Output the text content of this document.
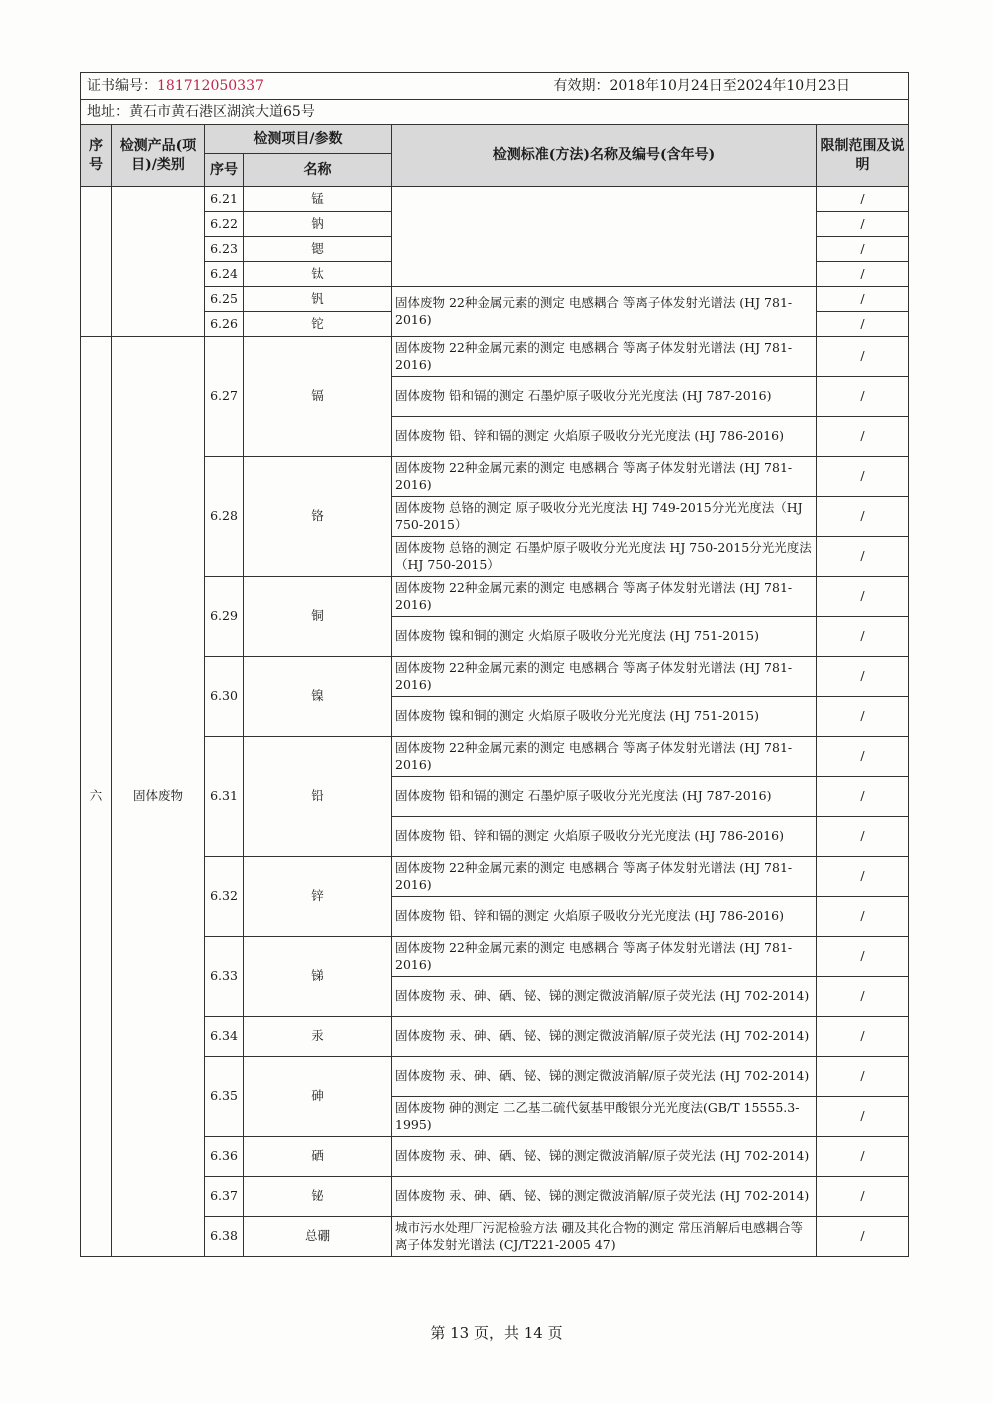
证书编号：181712050337 有效期：2018年10月24日至2024年10月23日					

地址：黄石市黄石港区湖滨大道65号					
序号	检测产品(项目)/类别	检测项目/参数		检测标准(方法)名称及编号(含年号)	限制范围及说明
		序号	名称		
		6.21	锰		/
		6.22	钠		/
		6.23	锶		/
		6.24	钛		/
		6.25	钒	固体废物 22种金属元素的测定 电感耦合 等离子体发射光谱法 (HJ 781-2016)	/
		6.26	铊		/
六	固体废物	6.27	镉	固体废物 22种金属元素的测定 电感耦合 等离子体发射光谱法 (HJ 781-2016)	/
				固体废物 铅和镉的测定 石墨炉原子吸收分光光度法 (HJ 787-2016)	/
				固体废物 铅、锌和镉的测定 火焰原子吸收分光光度法 (HJ 786-2016)	/
		6.28	铬	固体废物 22种金属元素的测定 电感耦合 等离子体发射光谱法 (HJ 781-2016)	/
				固体废物 总铬的测定 原子吸收分光光度法 HJ 749-2015分光光度法（HJ 750-2015）	/
				固体废物 总铬的测定 石墨炉原子吸收分光光度法 HJ 750-2015分光光度法（HJ 750-2015）	/
		6.29	铜	固体废物 22种金属元素的测定 电感耦合 等离子体发射光谱法 (HJ 781-2016)	/
				固体废物 镍和铜的测定 火焰原子吸收分光光度法 (HJ 751-2015)	/
		6.30	镍	固体废物 22种金属元素的测定 电感耦合 等离子体发射光谱法 (HJ 781-2016)	/
				固体废物 镍和铜的测定 火焰原子吸收分光光度法 (HJ 751-2015)	/
		6.31	铅	固体废物 22种金属元素的测定 电感耦合 等离子体发射光谱法 (HJ 781-2016)	/
				固体废物 铅和镉的测定 石墨炉原子吸收分光光度法 (HJ 787-2016)	/
				固体废物 铅、锌和镉的测定 火焰原子吸收分光光度法 (HJ 786-2016)	/
		6.32	锌	固体废物 22种金属元素的测定 电感耦合 等离子体发射光谱法 (HJ 781-2016)	/
				固体废物 铅、锌和镉的测定 火焰原子吸收分光光度法 (HJ 786-2016)	/
		6.33	锑	固体废物 22种金属元素的测定 电感耦合 等离子体发射光谱法 (HJ 781-2016)	/
				固体废物 汞、砷、硒、铋、锑的测定微波消解/原子荧光法 (HJ 702-2014)	/
		6.34	汞	固体废物 汞、砷、硒、铋、锑的测定微波消解/原子荧光法 (HJ 702-2014)	/
		6.35	砷	固体废物 汞、砷、硒、铋、锑的测定微波消解/原子荧光法 (HJ 702-2014)	/
				固体废物 砷的测定 二乙基二硫代氨基甲酸银分光光度法(GB/T 15555.3-1995)	/
		6.36	硒	固体废物 汞、砷、硒、铋、锑的测定微波消解/原子荧光法 (HJ 702-2014)	/
		6.37	铋	固体废物 汞、砷、硒、铋、锑的测定微波消解/原子荧光法 (HJ 702-2014)	/
		6.38	总硼	城市污水处理厂污泥检验方法 硼及其化合物的测定 常压消解后电感耦合等离子体发射光谱法 (CJ/T221-2005 47)	/
第 13 页，共 14 页
